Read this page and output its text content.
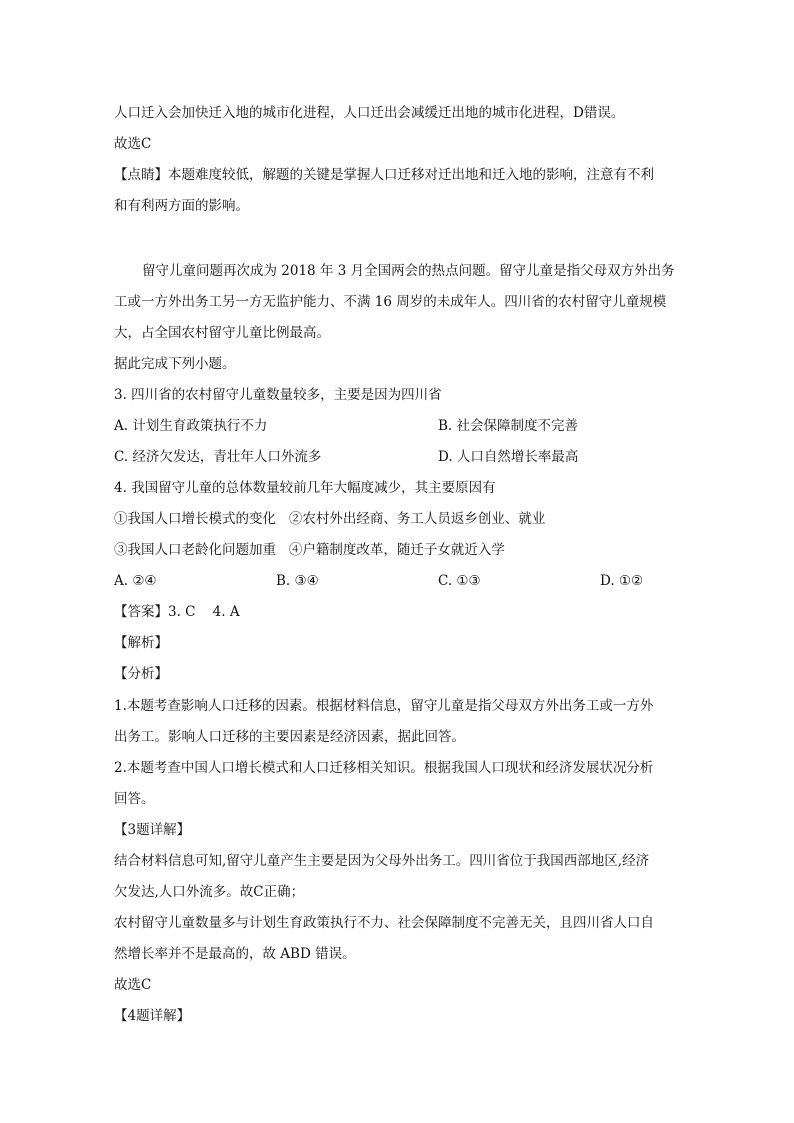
人口迁入会加快迁入地的城市化进程，人口迁出会减缓迁出地的城市化进程，D错误。
故选C
【点睛】本题难度较低，解题的关键是掌握人口迁移对迁出地和迁入地的影响，注意有不利
和有利两方面的影响。
留守儿童问题再次成为 2018 年 3 月全国两会的热点问题。留守儿童是指父母双方外出务
工或一方外出务工另一方无监护能力、不满 16 周岁的未成年人。四川省的农村留守儿童规模
大，占全国农村留守儿童比例最高。
据此完成下列小题。
3. 四川省的农村留守儿童数量较多，主要是因为四川省
A. 计划生育政策执行不力	B. 社会保障制度不完善
C. 经济欠发达，青壮年人口外流多	D. 人口自然增长率最高
4. 我国留守儿童的总体数量较前几年大幅度减少，其主要原因有
①我国人口增长模式的变化   ②农村外出经商、务工人员返乡创业、就业
③我国人口老龄化问题加重   ④户籍制度改革，随迁子女就近入学
A. ②④	B. ③④	C. ①③	D. ①②
【答案】3. C    4. A
【解析】
【分析】
1.本题考查影响人口迁移的因素。根据材料信息，留守儿童是指父母双方外出务工或一方外
出务工。影响人口迁移的主要因素是经济因素，据此回答。
2.本题考查中国人口增长模式和人口迁移相关知识。根据我国人口现状和经济发展状况分析
回答。
【3题详解】
结合材料信息可知,留守儿童产生主要是因为父母外出务工。四川省位于我国西部地区,经济
欠发达,人口外流多。故C正确；
农村留守儿童数量多与计划生育政策执行不力、社会保障制度不完善无关，且四川省人口自
然增长率并不是最高的，故 ABD 错误。
故选C
【4题详解】
